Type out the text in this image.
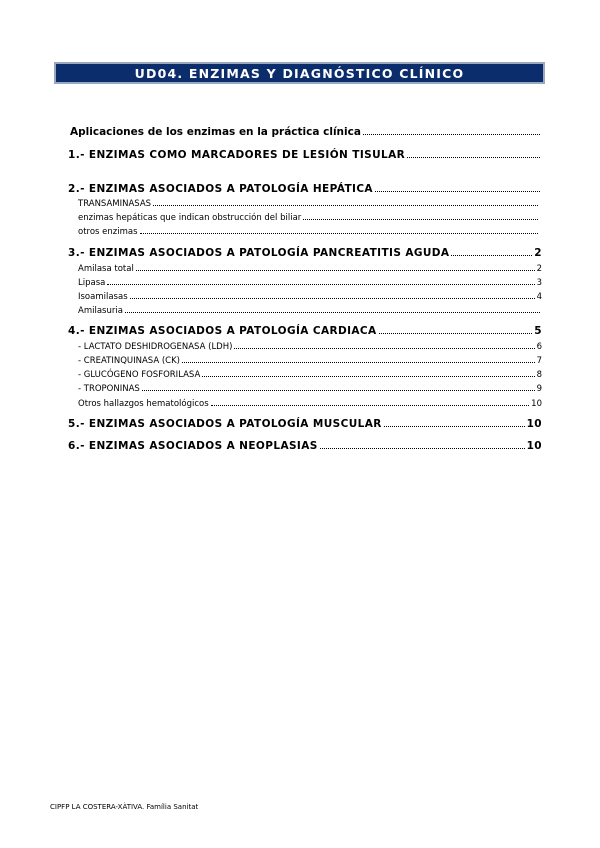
UD04. ENZIMAS Y DIAGNÓSTICO CLÍNICO
Aplicaciones de los enzimas en la práctica clínica
1.- ENZIMAS COMO MARCADORES DE LESIÓN TISULAR
2.- ENZIMAS ASOCIADOS A PATOLOGÍA HEPÁTICA
TRANSAMINASAS
enzimas hepáticas que indican obstrucción del biliar
otros enzimas
3.- ENZIMAS ASOCIADOS A PATOLOGÍA PANCREATITIS AGUDA	2
Amilasa total	2
Lipasa	3
Isoamilasas	4
Amilasuria
4.- ENZIMAS ASOCIADOS A PATOLOGÍA CARDIACA	5
- LACTATO DESHIDROGENASA (LDH)	6
- CREATINQUINASA (CK)	7
- GLUCÓGENO FOSFORILASA	8
- TROPONINAS	9
Otros hallazgos hematológicos	10
5.- ENZIMAS ASOCIADOS A PATOLOGÍA MUSCULAR	10
6.- ENZIMAS ASOCIADOS A NEOPLASIAS	10
CIPFP LA COSTERA-XÀTIVA. Família Sanitat
